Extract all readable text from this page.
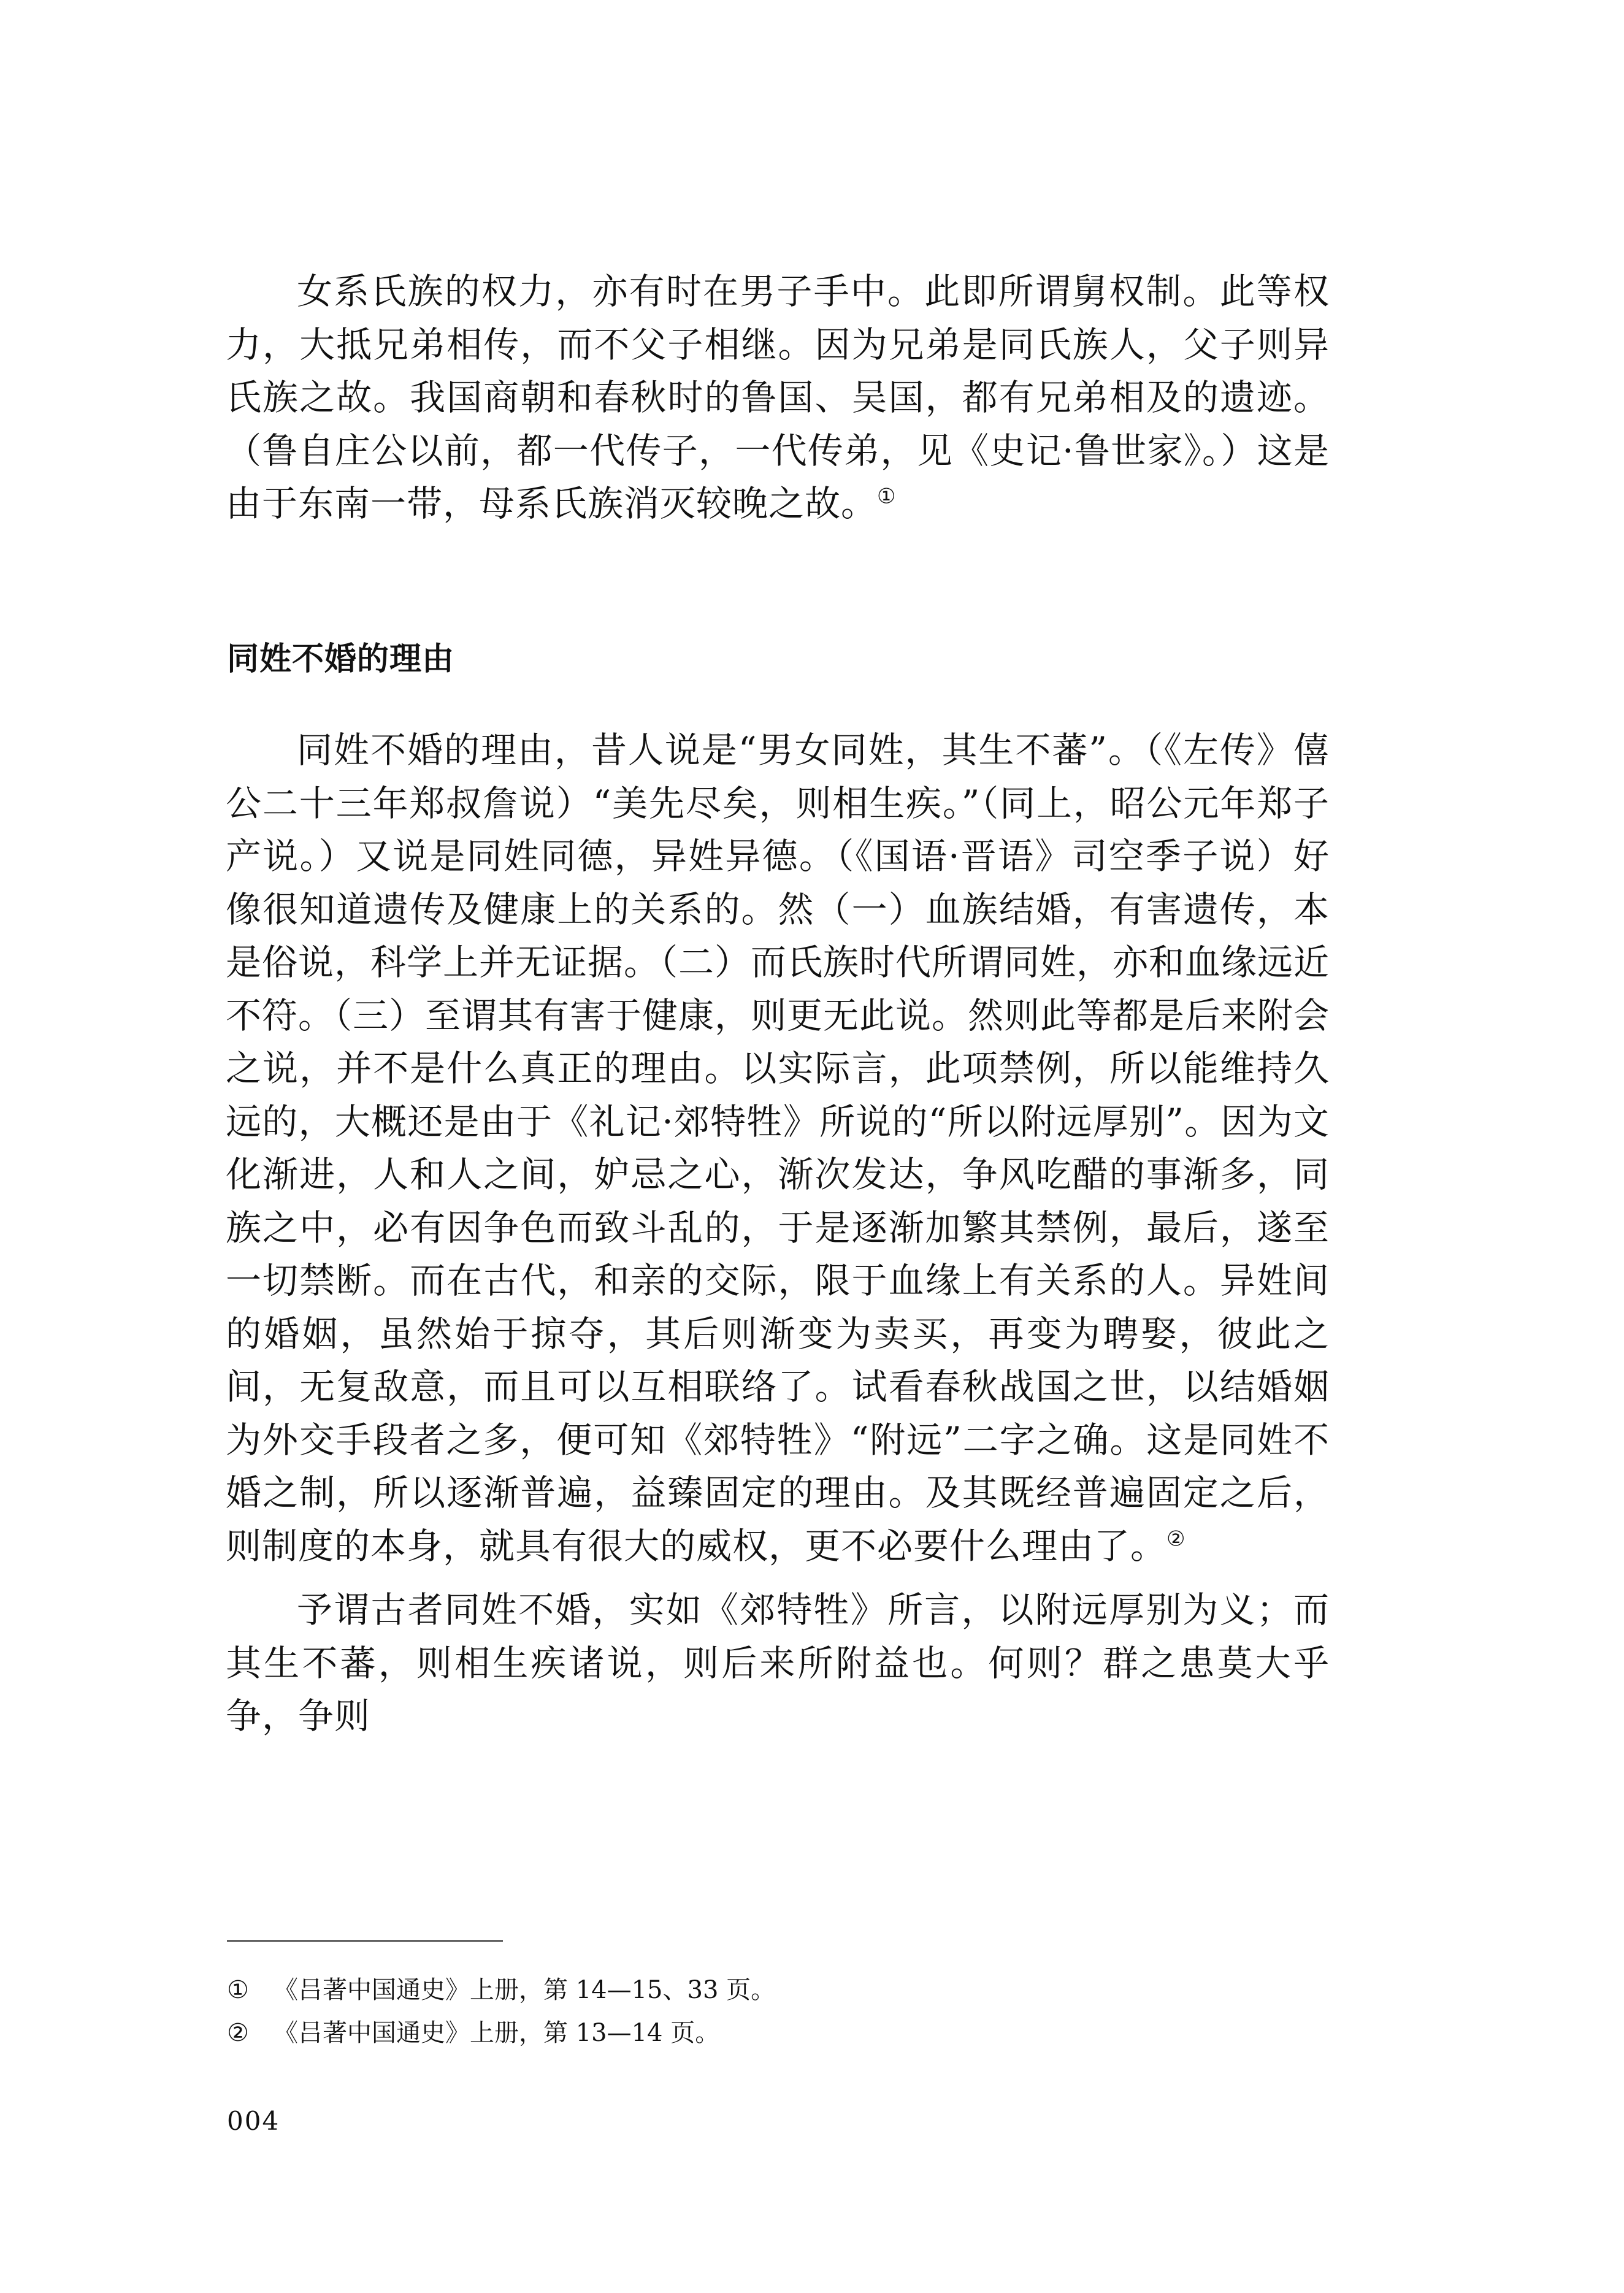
女系氏族的权力，亦有时在男子手中。此即所谓舅权制。此等权力，大抵兄弟相传，而不父子相继。因为兄弟是同氏族人，父子则异氏族之故。我国商朝和春秋时的鲁国、吴国，都有兄弟相及的遗迹。（鲁自庄公以前，都一代传子，一代传弟，见《史记·鲁世家》。）这是由于东南一带，母系氏族消灭较晚之故。①

同姓不婚的理由

同姓不婚的理由，昔人说是“男女同姓，其生不蕃”。（《左传》僖公二十三年郑叔詹说）“美先尽矣，则相生疾。”（同上，昭公元年郑子产说。）又说是同姓同德，异姓异德。（《国语·晋语》司空季子说）好像很知道遗传及健康上的关系的。然（一）血族结婚，有害遗传，本是俗说，科学上并无证据。（二）而氏族时代所谓同姓，亦和血缘远近不符。（三）至谓其有害于健康，则更无此说。然则此等都是后来附会之说，并不是什么真正的理由。以实际言，此项禁例，所以能维持久远的，大概还是由于《礼记·郊特牲》所说的“所以附远厚别”。因为文化渐进，人和人之间，妒忌之心，渐次发达，争风吃醋的事渐多，同族之中，必有因争色而致斗乱的，于是逐渐加繁其禁例，最后，遂至一切禁断。而在古代，和亲的交际，限于血缘上有关系的人。异姓间的婚姻，虽然始于掠夺，其后则渐变为卖买，再变为聘娶，彼此之间，无复敌意，而且可以互相联络了。试看春秋战国之世，以结婚姻为外交手段者之多，便可知《郊特牲》“附远”二字之确。这是同姓不婚之制，所以逐渐普遍，益臻固定的理由。及其既经普遍固定之后，则制度的本身，就具有很大的威权，更不必要什么理由了。②

予谓古者同姓不婚，实如《郊特牲》所言，以附远厚别为义；而其生不蕃，则相生疾诸说，则后来所附益也。何则？群之患莫大乎争，争则

① 《吕著中国通史》上册，第 14—15、33 页。

② 《吕著中国通史》上册，第 13—14 页。

004
